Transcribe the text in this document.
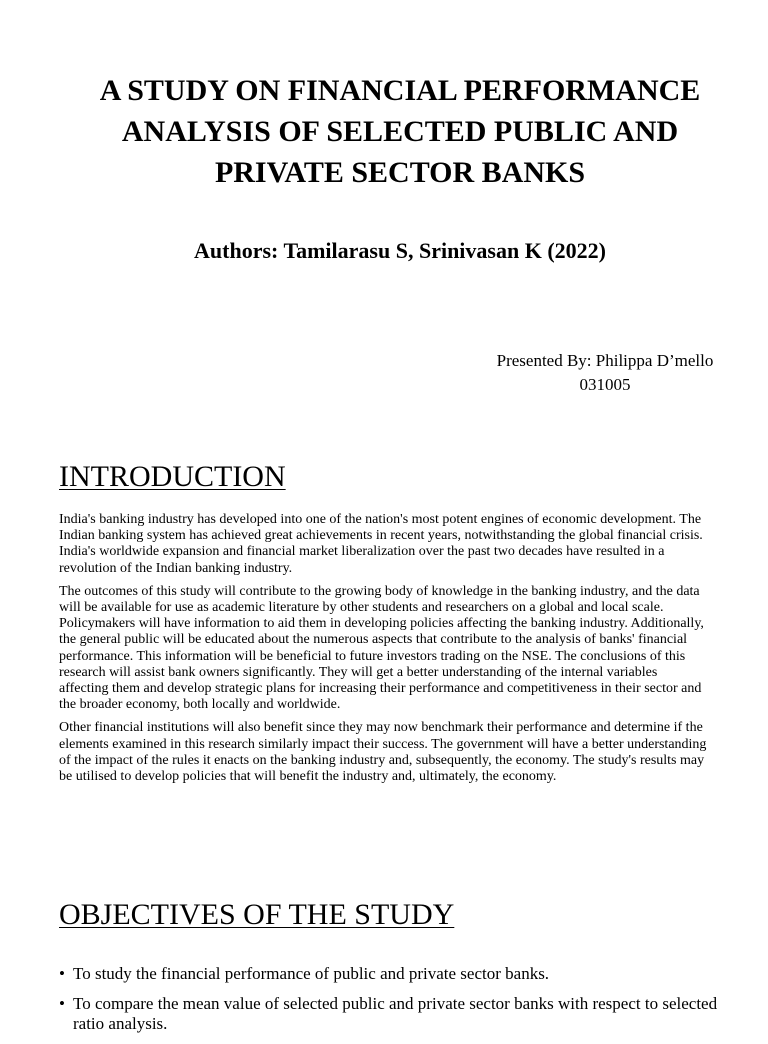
A STUDY ON FINANCIAL PERFORMANCE
ANALYSIS OF SELECTED PUBLIC AND
PRIVATE SECTOR BANKS
Authors: Tamilarasu S, Srinivasan K (2022)
Presented By: Philippa D’mello
031005
INTRODUCTION

India's banking industry has developed into one of the nation's most potent engines of economic development. The Indian banking system has achieved great achievements in recent years, notwithstanding the global financial crisis. India's worldwide expansion and financial market liberalization over the past two decades have resulted in a revolution of the Indian banking industry.

The outcomes of this study will contribute to the growing body of knowledge in the banking industry, and the data will be available for use as academic literature by other students and researchers on a global and local scale. Policymakers will have information to aid them in developing policies affecting the banking industry. Additionally, the general public will be educated about the numerous aspects that contribute to the analysis of banks' financial performance. This information will be beneficial to future investors trading on the NSE. The conclusions of this research will assist bank owners significantly. They will get a better understanding of the internal variables affecting them and develop strategic plans for increasing their performance and competitiveness in their sector and the broader economy, both locally and worldwide.

Other financial institutions will also benefit since they may now benchmark their performance and determine if the elements examined in this research similarly impact their success. The government will have a better understanding of the impact of the rules it enacts on the banking industry and, subsequently, the economy. The study's results may be utilised to develop policies that will benefit the industry and, ultimately, the economy.

OBJECTIVES OF THE STUDY
• To study the financial performance of public and private sector banks.
• To compare the mean value of selected public and private sector banks with respect to selected ratio analysis.
